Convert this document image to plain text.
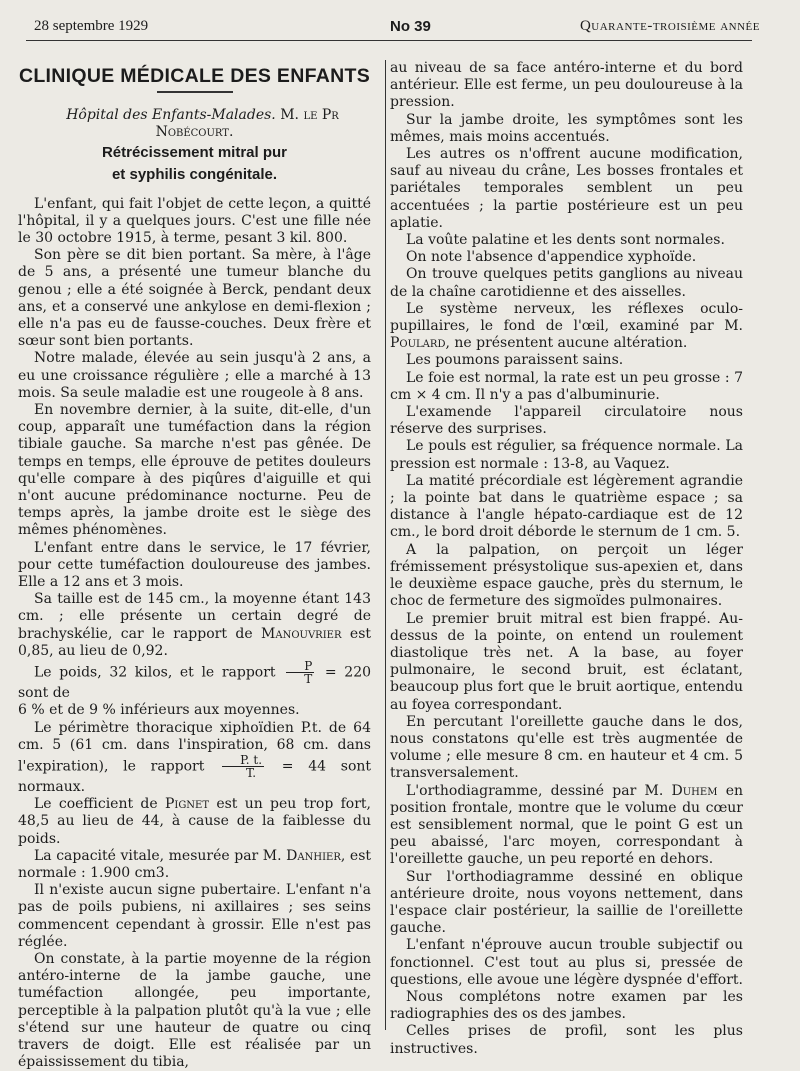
28 septembre 1929	No 39	Quarante-troisième année
CLINIQUE MÉDICALE DES ENFANTS

Hôpital des Enfants-Malades. M. le Pr Nobécourt.

Rétrécissement mitral pur
et syphilis congénitale.

L'enfant, qui fait l'objet de cette leçon, a quitté l'hôpital, il y a quelques jours. C'est une fille née le 30 octobre 1915, à terme, pesant 3 kil. 800.

Son père se dit bien portant. Sa mère, à l'âge de 5 ans, a présenté une tumeur blanche du genou ; elle a été soignée à Berck, pendant deux ans, et a conservé une ankylose en demi-flexion ; elle n'a pas eu de fausse-couches. Deux frère et sœur sont bien portants.

Notre malade, élevée au sein jusqu'à 2 ans, a eu une croissance régulière ; elle a marché à 13 mois. Sa seule maladie est une rougeole à 8 ans.

En novembre dernier, à la suite, dit-elle, d'un coup, apparaît une tuméfaction dans la région tibiale gauche. Sa marche n'est pas gênée. De temps en temps, elle éprouve de petites douleurs qu'elle compare à des piqûres d'aiguille et qui n'ont aucune prédominance nocturne. Peu de temps après, la jambe droite est le siège des mêmes phénomènes.

L'enfant entre dans le service, le 17 février, pour cette tuméfaction douloureuse des jambes. Elle a 12 ans et 3 mois.

Sa taille est de 145 cm., la moyenne étant 143 cm. ; elle présente un certain degré de brachyskélie, car le rapport de Manouvrier est 0,85, au lieu de 0,92.

Le poids, 32 kilos, et le rapport $\frac{P}{T} = 220$ sont de

6 % et de 9 % inférieurs aux moyennes.

Le périmètre thoracique xiphoïdien P.t. de 64 cm. 5 (61 cm. dans l'inspiration, 68 cm. dans l'expiration), le rapport $\frac{P. t.}{T.} = 44$ sont normaux.

Le coefficient de Pignet est un peu trop fort, 48,5 au lieu de 44, à cause de la faiblesse du poids.

La capacité vitale, mesurée par M. Danhier, est normale : 1.900 cm3.

Il n'existe aucun signe pubertaire. L'enfant n'a pas de poils pubiens, ni axillaires ; ses seins commencent cependant à grossir. Elle n'est pas réglée.

On constate, à la partie moyenne de la région antéro-interne de la jambe gauche, une tuméfaction allongée, peu importante, perceptible à la palpation plutôt qu'à la vue ; elle s'étend sur une hauteur de quatre ou cinq travers de doigt. Elle est réalisée par un épaississement du tibia,

au niveau de sa face antéro-interne et du bord antérieur. Elle est ferme, un peu douloureuse à la pression.

Sur la jambe droite, les symptômes sont les mêmes, mais moins accentués.

Les autres os n'offrent aucune modification, sauf au niveau du crâne, Les bosses frontales et pariétales temporales semblent un peu accentuées ; la partie postérieure est un peu aplatie.

La voûte palatine et les dents sont normales.

On note l'absence d'appendice xyphoïde.

On trouve quelques petits ganglions au niveau de la chaîne carotidienne et des aisselles.

Le système nerveux, les réflexes oculo-pupillaires, le fond de l'œil, examiné par M. Poulard, ne présentent aucune altération.

Les poumons paraissent sains.

Le foie est normal, la rate est un peu grosse : 7 cm × 4 cm. Il n'y a pas d'albuminurie.

L'examende l'appareil circulatoire nous réserve des surprises.

Le pouls est régulier, sa fréquence normale. La pression est normale : 13-8, au Vaquez.

La matité précordiale est légèrement agrandie ; la pointe bat dans le quatrième espace ; sa distance à l'angle hépato-cardiaque est de 12 cm., le bord droit déborde le sternum de 1 cm. 5.

A la palpation, on perçoit un léger frémissement présystolique sus-apexien et, dans le deuxième espace gauche, près du sternum, le choc de fermeture des sigmoïdes pulmonaires.

Le premier bruit mitral est bien frappé. Au-dessus de la pointe, on entend un roulement diastolique très net. A la base, au foyer pulmonaire, le second bruit, est éclatant, beaucoup plus fort que le bruit aortique, entendu au foyea correspondant.

En percutant l'oreillette gauche dans le dos, nous constatons qu'elle est très augmentée de volume ; elle mesure 8 cm. en hauteur et 4 cm. 5 transversalement.

L'orthodiagramme, dessiné par M. Duhem en position frontale, montre que le volume du cœur est sensiblement normal, que le point G est un peu abaissé, l'arc moyen, correspondant à l'oreillette gauche, un peu reporté en dehors.

Sur l'orthodiagramme dessiné en oblique antérieure droite, nous voyons nettement, dans l'espace clair postérieur, la saillie de l'oreillette gauche.

L'enfant n'éprouve aucun trouble subjectif ou fonctionnel. C'est tout au plus si, pressée de questions, elle avoue une légère dyspnée d'effort.

Nous complétons notre examen par les radiographies des os des jambes.

Celles prises de profil, sont les plus instructives.
